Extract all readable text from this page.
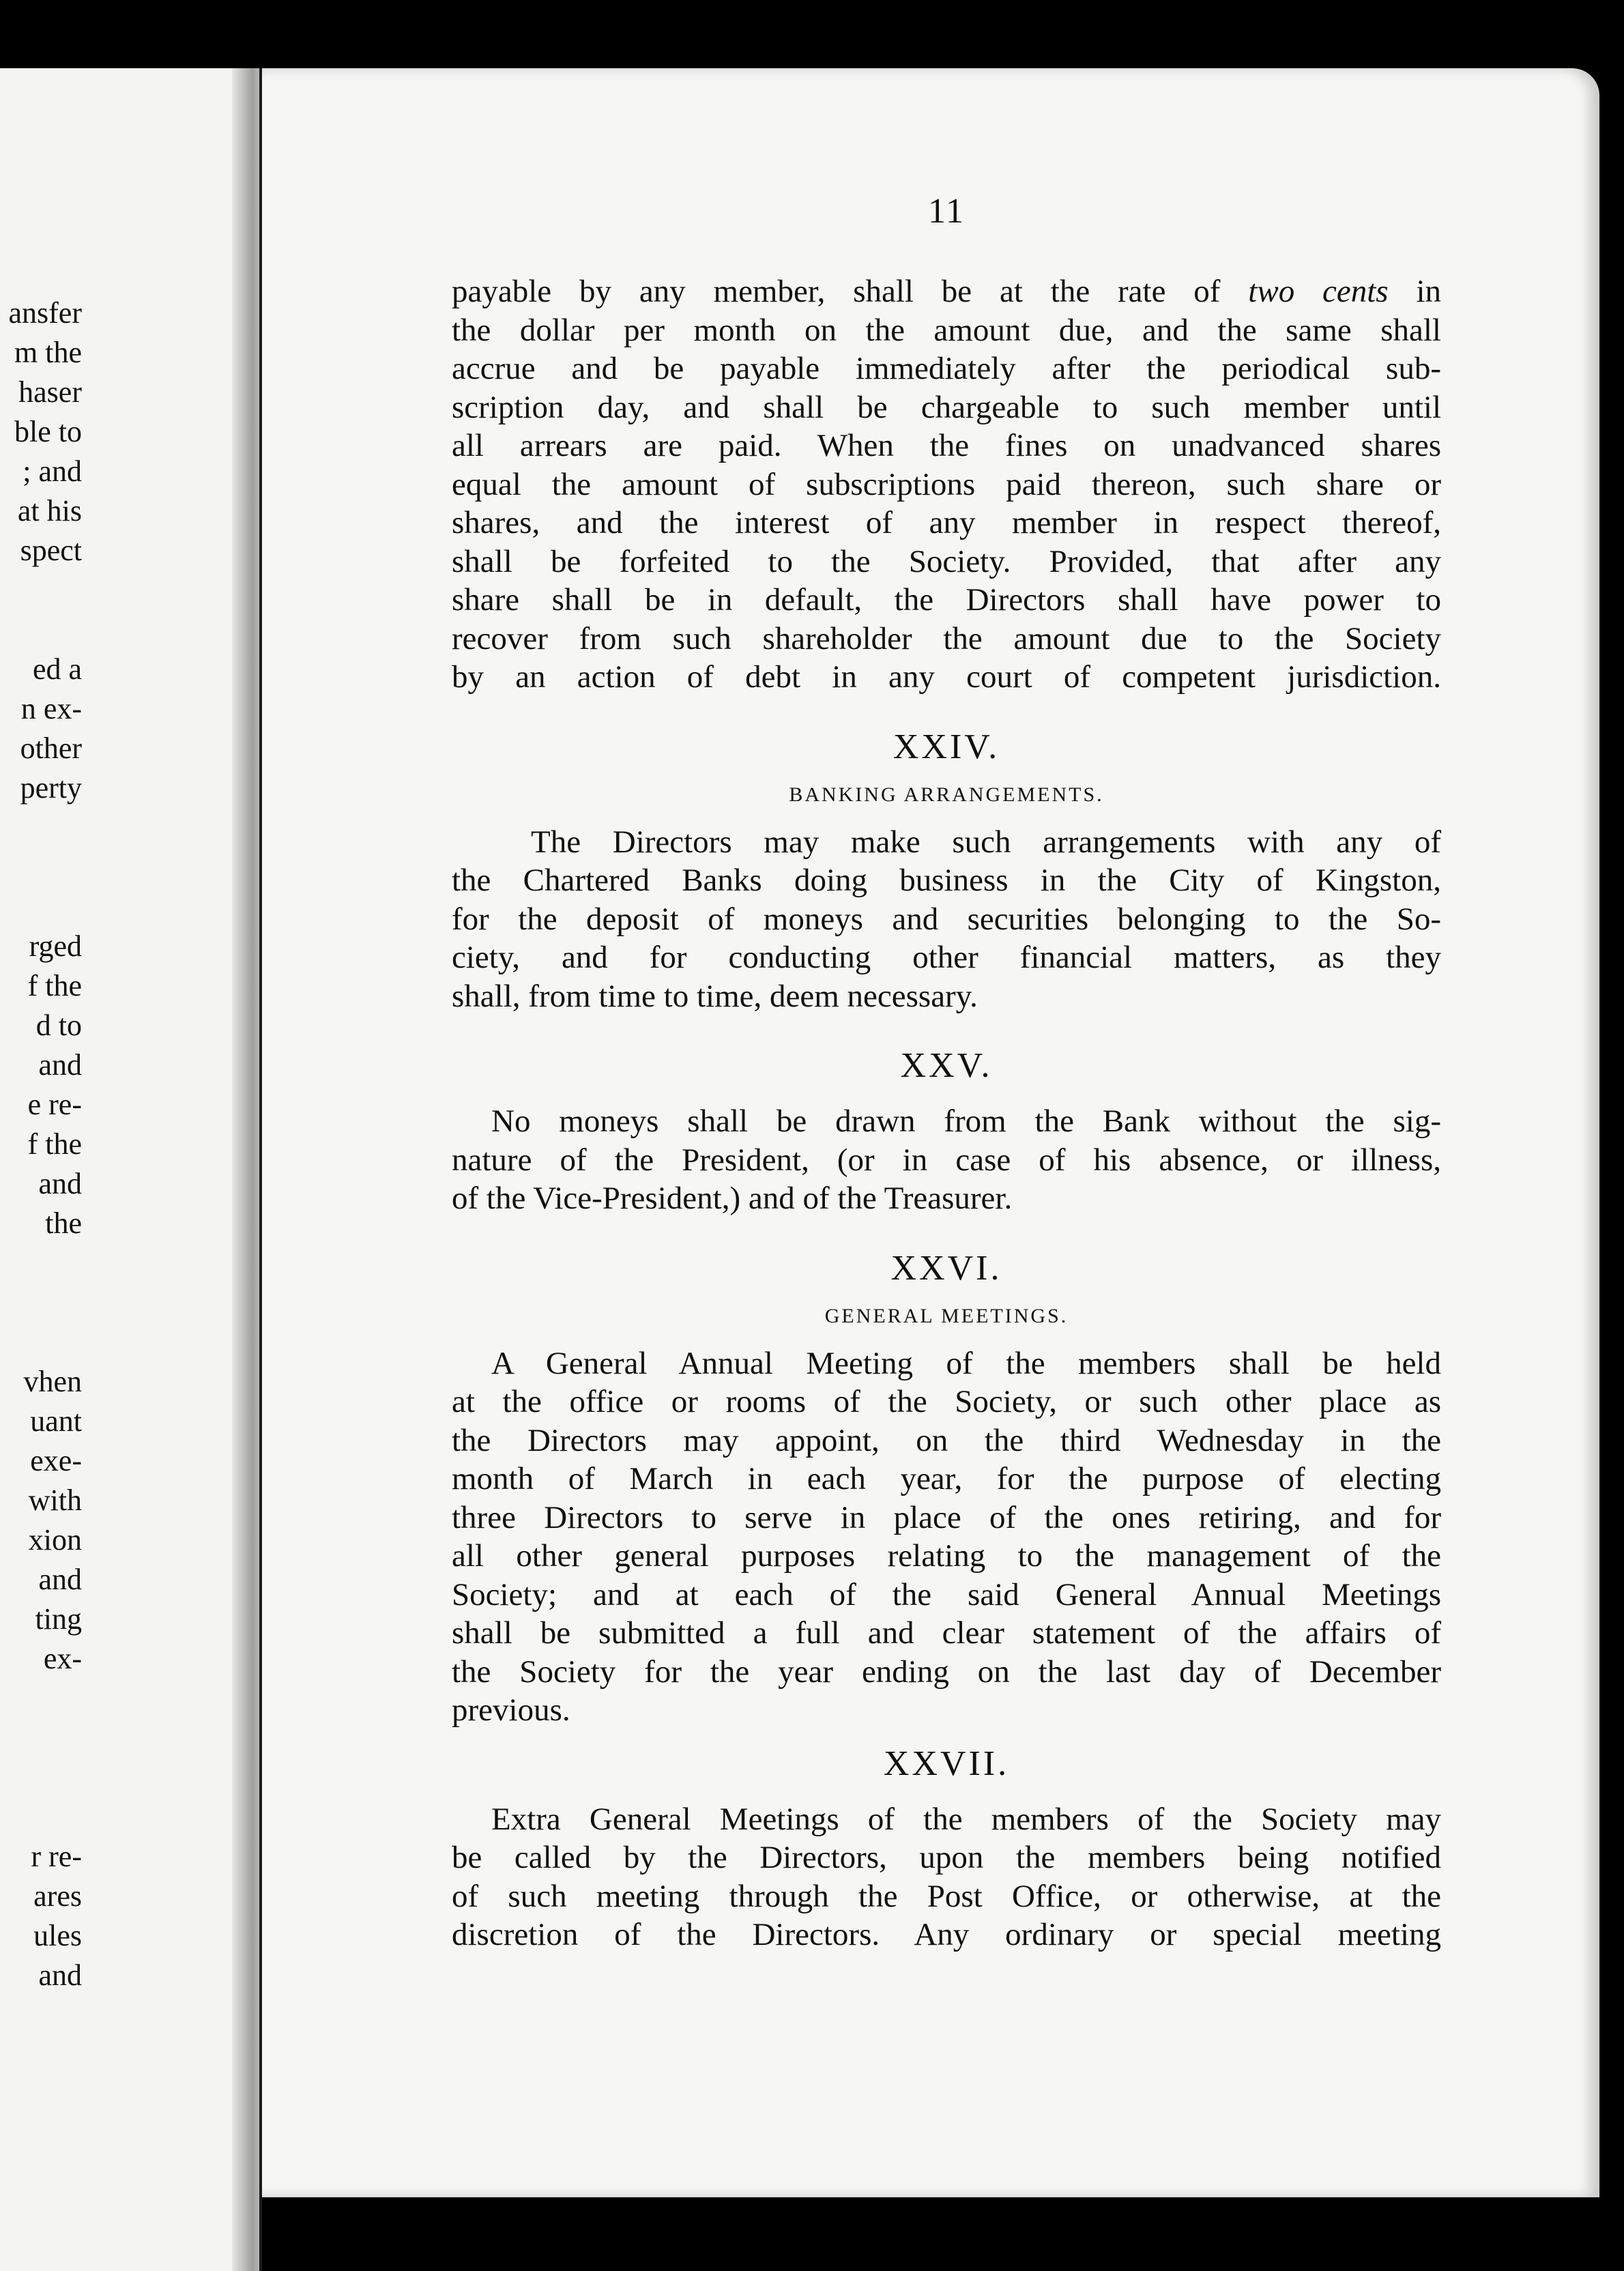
ansfer
m the
haser
ble to
; and
at his
spect
ed a
n ex-
other
perty
rged
f the
d to
and
e re-
f the
and
the
vhen
uant
exe-
with
xion
and
ting
ex-
r re-
ares
ules
and
11
payable by any member, shall be at the rate of two cents in
the dollar per month on the amount due, and the same shall
accrue and be payable immediately after the periodical sub-
scription day, and shall be chargeable to such member until
all arrears are paid. When the fines on unadvanced shares
equal the amount of subscriptions paid thereon, such share or
shares, and the interest of any member in respect thereof,
shall be forfeited to the Society. Provided, that after any
share shall be in default, the Directors shall have power to
recover from such shareholder the amount due to the Society
by an action of debt in any court of competent jurisdiction.
XXIV.
BANKING ARRANGEMENTS.
The Directors may make such arrangements with any of
the Chartered Banks doing business in the City of Kingston,
for the deposit of moneys and securities belonging to the So-
ciety, and for conducting other financial matters, as they
shall, from time to time, deem necessary.
XXV.
No moneys shall be drawn from the Bank without the sig-
nature of the President, (or in case of his absence, or illness,
of the Vice-President,) and of the Treasurer.
XXVI.
GENERAL MEETINGS.
A General Annual Meeting of the members shall be held
at the office or rooms of the Society, or such other place as
the Directors may appoint, on the third Wednesday in the
month of March in each year, for the purpose of electing
three Directors to serve in place of the ones retiring, and for
all other general purposes relating to the management of the
Society; and at each of the said General Annual Meetings
shall be submitted a full and clear statement of the affairs of
the Society for the year ending on the last day of December
previous.
XXVII.
Extra General Meetings of the members of the Society may
be called by the Directors, upon the members being notified
of such meeting through the Post Office, or otherwise, at the
discretion of the Directors. Any ordinary or special meeting
